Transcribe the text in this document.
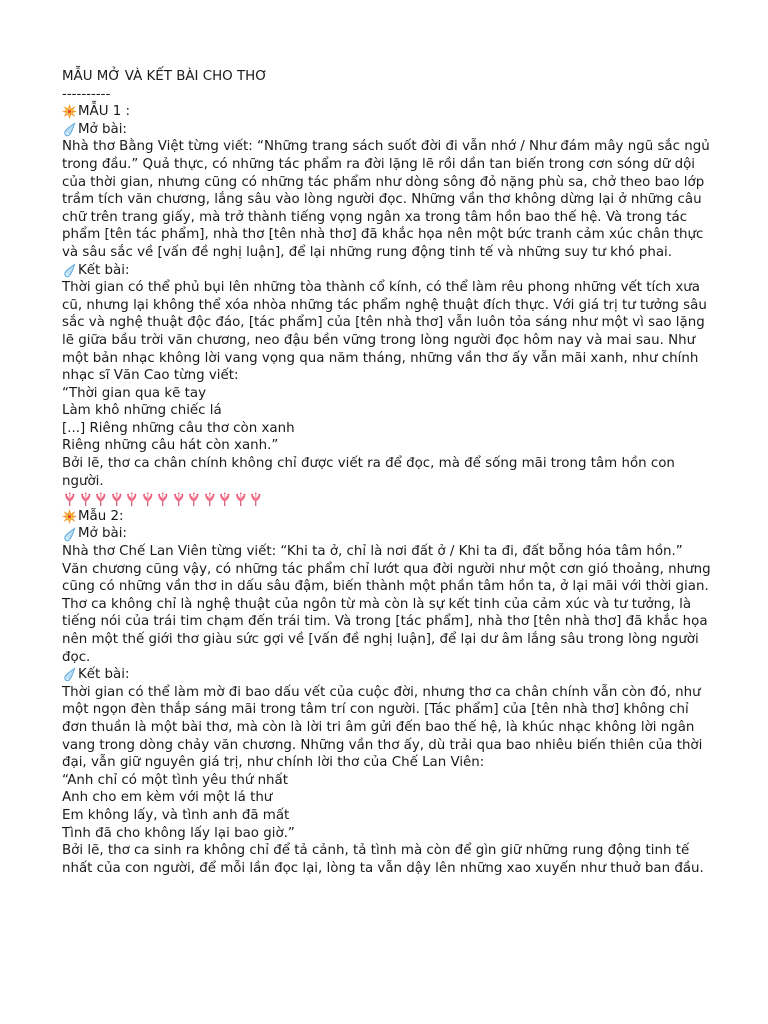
MẪU MỞ VÀ KẾT BÀI CHO THƠ
----------
MẪU 1 :
Mở bài:

Nhà thơ Bằng Việt từng viết: “Những trang sách suốt đời đi vẫn nhớ / Như đám mây ngũ sắc ngủ trong đầu.” Quả thực, có những tác phẩm ra đời lặng lẽ rồi dần tan biến trong cơn sóng dữ dội của thời gian, nhưng cũng có những tác phẩm như dòng sông đỏ nặng phù sa, chở theo bao lớp trầm tích văn chương, lắng sâu vào lòng người đọc. Những vần thơ không dừng lại ở những câu chữ trên trang giấy, mà trở thành tiếng vọng ngân xa trong tâm hồn bao thế hệ. Và trong tác phẩm [tên tác phẩm], nhà thơ [tên nhà thơ] đã khắc họa nên một bức tranh cảm xúc chân thực và sâu sắc về [vấn đề nghị luận], để lại những rung động tinh tế và những suy tư khó phai.

Kết bài:

Thời gian có thể phủ bụi lên những tòa thành cổ kính, có thể làm rêu phong những vết tích xưa cũ, nhưng lại không thể xóa nhòa những tác phẩm nghệ thuật đích thực. Với giá trị tư tưởng sâu sắc và nghệ thuật độc đáo, [tác phẩm] của [tên nhà thơ] vẫn luôn tỏa sáng như một vì sao lặng lẽ giữa bầu trời văn chương, neo đậu bền vững trong lòng người đọc hôm nay và mai sau. Như một bản nhạc không lời vang vọng qua năm tháng, những vần thơ ấy vẫn mãi xanh, như chính nhạc sĩ Văn Cao từng viết:

“Thời gian qua kẽ tay
Làm khô những chiếc lá
[...] Riêng những câu thơ còn xanh
Riêng những câu hát còn xanh.”

Bởi lẽ, thơ ca chân chính không chỉ được viết ra để đọc, mà để sống mãi trong tâm hồn con người.

Mẫu 2:
Mở bài:

Nhà thơ Chế Lan Viên từng viết: “Khi ta ở, chỉ là nơi đất ở / Khi ta đi, đất bỗng hóa tâm hồn.” Văn chương cũng vậy, có những tác phẩm chỉ lướt qua đời người như một cơn gió thoảng, nhưng cũng có những vần thơ in dấu sâu đậm, biến thành một phần tâm hồn ta, ở lại mãi với thời gian. Thơ ca không chỉ là nghệ thuật của ngôn từ mà còn là sự kết tinh của cảm xúc và tư tưởng, là tiếng nói của trái tim chạm đến trái tim. Và trong [tác phẩm], nhà thơ [tên nhà thơ] đã khắc họa nên một thế giới thơ giàu sức gợi về [vấn đề nghị luận], để lại dư âm lắng sâu trong lòng người đọc.

Kết bài:

Thời gian có thể làm mờ đi bao dấu vết của cuộc đời, nhưng thơ ca chân chính vẫn còn đó, như một ngọn đèn thắp sáng mãi trong tâm trí con người. [Tác phẩm] của [tên nhà thơ] không chỉ đơn thuần là một bài thơ, mà còn là lời tri âm gửi đến bao thế hệ, là khúc nhạc không lời ngân vang trong dòng chảy văn chương. Những vần thơ ấy, dù trải qua bao nhiêu biến thiên của thời đại, vẫn giữ nguyên giá trị, như chính lời thơ của Chế Lan Viên:

“Anh chỉ có một tình yêu thứ nhất
Anh cho em kèm với một lá thư
Em không lấy, và tình anh đã mất
Tình đã cho không lấy lại bao giờ.”

Bởi lẽ, thơ ca sinh ra không chỉ để tả cảnh, tả tình mà còn để gìn giữ những rung động tinh tế nhất của con người, để mỗi lần đọc lại, lòng ta vẫn dậy lên những xao xuyến như thuở ban đầu.
